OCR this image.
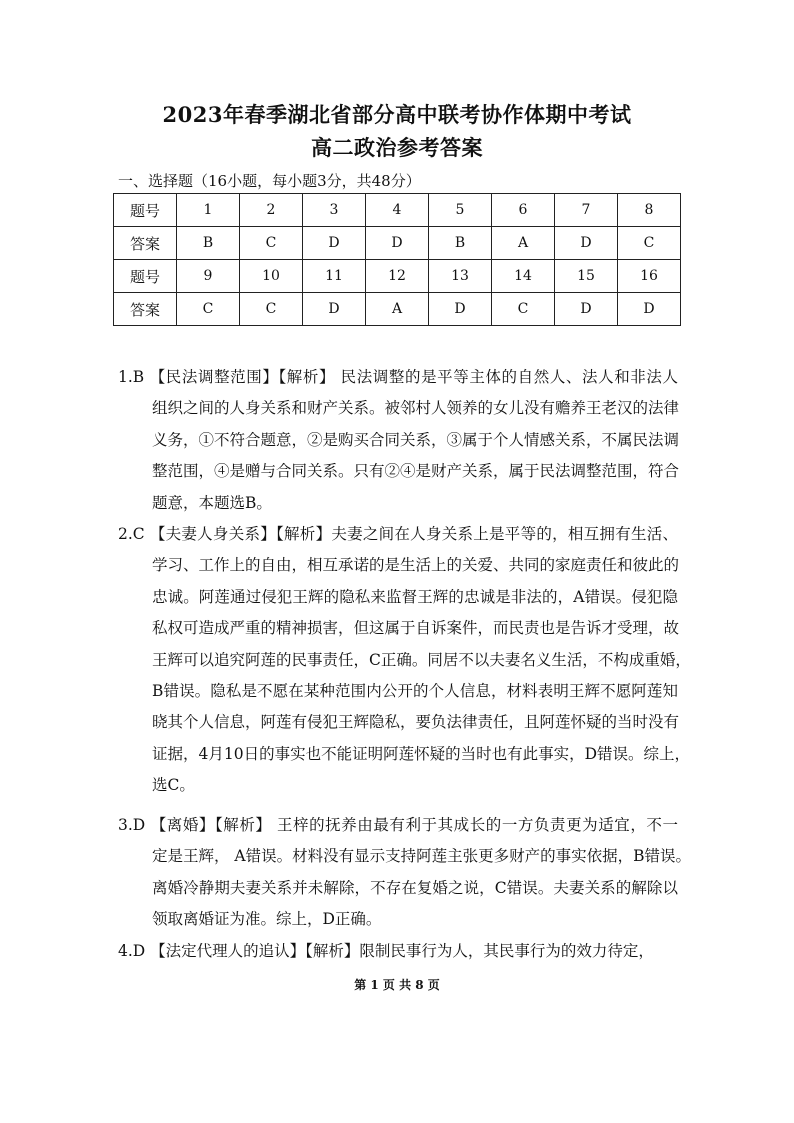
2023年春季湖北省部分高中联考协作体期中考试
高二政治参考答案
一、选择题（16小题，每小题3分，共48分）
题号	1	2	3	4	5	6	7	8
答案	B	C	D	D	B	A	D	C
题号	9	10	11	12	13	14	15	16
答案	C	C	D	A	D	C	D	D
1.B 【民法调整范围】【解析】 民法调整的是平等主体的自然人、法人和非法人
组织之间的人身关系和财产关系。被邻村人领养的女儿没有赡养王老汉的法律
义务，①不符合题意，②是购买合同关系，③属于个人情感关系，不属民法调
整范围，④是赠与合同关系。只有②④是财产关系，属于民法调整范围，符合
题意，本题选B。
2.C 【夫妻人身关系】【解析】夫妻之间在人身关系上是平等的，相互拥有生活、
学习、工作上的自由，相互承诺的是生活上的关爱、共同的家庭责任和彼此的
忠诚。阿莲通过侵犯王辉的隐私来监督王辉的忠诚是非法的，A错误。侵犯隐
私权可造成严重的精神损害，但这属于自诉案件，而民责也是告诉才受理，故
王辉可以追究阿莲的民事责任，C正确。同居不以夫妻名义生活，不构成重婚，
B错误。隐私是不愿在某种范围内公开的个人信息，材料表明王辉不愿阿莲知
晓其个人信息，阿莲有侵犯王辉隐私，要负法律责任，且阿莲怀疑的当时没有
证据，4月10日的事实也不能证明阿莲怀疑的当时也有此事实，D错误。综上，
选C。
3.D 【离婚】【解析】 王梓的抚养由最有利于其成长的一方负责更为适宜，不一
定是王辉， A错误。材料没有显示支持阿莲主张更多财产的事实依据，B错误。
离婚冷静期夫妻关系并未解除，不存在复婚之说，C错误。夫妻关系的解除以
领取离婚证为准。综上，D正确。
4.D 【法定代理人的追认】【解析】限制民事行为人，其民事行为的效力待定，
第 1 页 共 8 页
